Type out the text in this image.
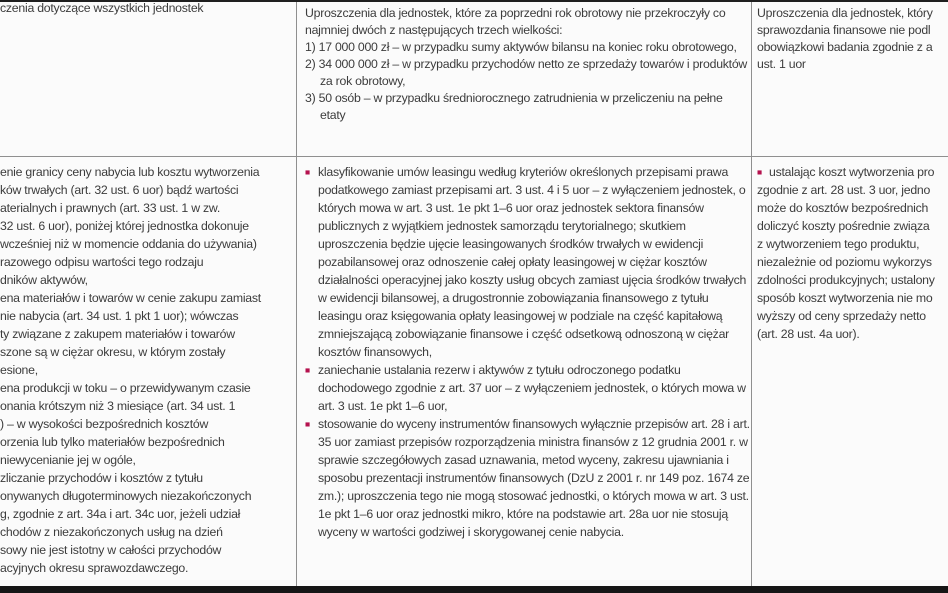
czenia dotyczące wszystkich jednostek	Uproszczenia dla jednostek, które za poprzedni rok obrotowy nie przekroczyły co najmniej dwóch z następujących trzech wielkości:
1) 17 000 000 zł – w przypadku sumy aktywów bilansu na koniec roku obrotowego,
2) 34 000 000 zł – w przypadku przychodów netto ze sprzedaży towarów i produktów za rok obrotowy,
3) 50 osób – w przypadku średniorocznego zatrudnienia w przeliczeniu na pełne etaty
Uproszczenia dla jednostek, który
sprawozdania finansowe nie podl
obowiązkowi badania zgodnie z a
ust. 1 uor
enie granicy ceny nabycia lub kosztu wytworzenia
ków trwałych (art. 32 ust. 6 uor) bądź wartości
aterialnych i prawnych (art. 33 ust. 1 w zw.
32 ust. 6 uor), poniżej której jednostka dokonuje
wcześniej niż w momencie oddania do używania)
razowego odpisu wartości tego rodzaju
dników aktywów,
ena materiałów i towarów w cenie zakupu zamiast
nie nabycia (art. 34 ust. 1 pkt 1 uor); wówczas
ty związane z zakupem materiałów i towarów
szone są w ciężar okresu, w którym zostały
esione,
ena produkcji w toku – o przewidywanym czasie
onania krótszym niż 3 miesiące (art. 34 ust. 1
) – w wysokości bezpośrednich kosztów
orzenia lub tylko materiałów bezpośrednich
niewycenianie jej w ogóle,
zliczanie przychodów i kosztów z tytułu
onywanych długoterminowych niezakończonych
g, zgodnie z art. 34a i art. 34c uor, jeżeli udział
chodów z niezakończonych usług na dzień
sowy nie jest istotny w całości przychodów
acyjnych okresu sprawozdawczego.
■ klasyfikowanie umów leasingu według kryteriów określonych przepisami prawa podatkowego zamiast przepisami art. 3 ust. 4 i 5 uor – z wyłączeniem jednostek, o których mowa w art. 3 ust. 1e pkt 1–6 uor oraz jednostek sektora finansów publicznych z wyjątkiem jednostek samorządu terytorialnego; skutkiem uproszczenia będzie ujęcie leasingowanych środków trwałych w ewidencji pozabilansowej oraz odnoszenie całej opłaty leasingowej w ciężar kosztów działalności operacyjnej jako koszty usług obcych zamiast ujęcia środków trwałych w ewidencji bilansowej, a drugostronnie zobowiązania finansowego z tytułu leasingu oraz księgowania opłaty leasingowej w podziale na część kapitałową zmniejszającą zobowiązanie finansowe i część odsetkową odnoszoną w ciężar kosztów finansowych,
■ zaniechanie ustalania rezerw i aktywów z tytułu odroczonego podatku dochodowego zgodnie z art. 37 uor – z wyłączeniem jednostek, o których mowa w art. 3 ust. 1e pkt 1–6 uor,
■ stosowanie do wyceny instrumentów finansowych wyłącznie przepisów art. 28 i art. 35 uor zamiast przepisów rozporządzenia ministra finansów z 12 grudnia 2001 r. w sprawie szczegółowych zasad uznawania, metod wyceny, zakresu ujawniania i sposobu prezentacji instrumentów finansowych (DzU z 2001 r. nr 149 poz. 1674 ze zm.); uproszczenia tego nie mogą stosować jednostki, o których mowa w art. 3 ust. 1e pkt 1–6 uor oraz jednostki mikro, które na podstawie art. 28a uor nie stosują wyceny w wartości godziwej i skorygowanej cenie nabycia.
■ ustalając koszt wytworzenia pro
zgodnie z art. 28 ust. 3 uor, jedno
może do kosztów bezpośrednich
doliczyć koszty pośrednie związa
z wytworzeniem tego produktu,
niezależnie od poziomu wykorzys
zdolności produkcyjnych; ustalony
sposób koszt wytworzenia nie mo
wyższy od ceny sprzedaży netto
(art. 28 ust. 4a uor).
